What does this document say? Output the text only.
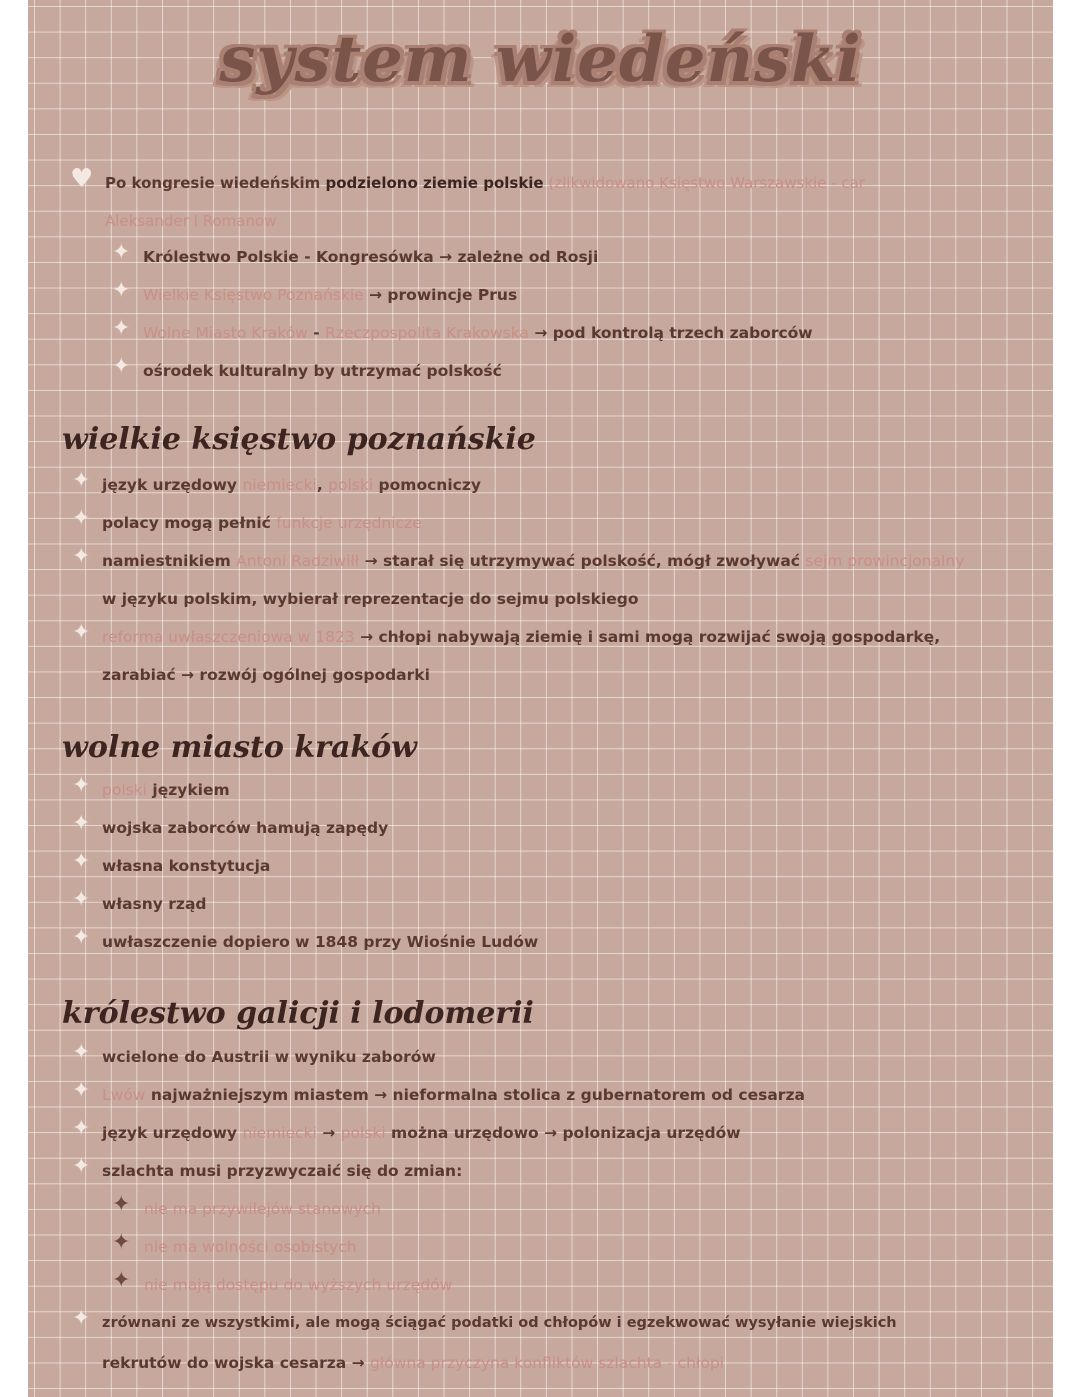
system wiedeński
♥ Po kongresie wiedeńskim podzielono ziemie polskie (zlikwidowano Księstwo Warszawskie - car
Aleksander I Romanow
✦ Królestwo Polskie - Kongresówka → zależne od Rosji
✦ Wielkie Księstwo Poznańskie → prowincje Prus
✦ Wolne Miasto Kraków - Rzeczpospolita Krakowska → pod kontrolą trzech zaborców
✦ ośrodek kulturalny by utrzymać polskość
wielkie księstwo poznańskie
✦ język urzędowy niemiecki, polski pomocniczy
✦ polacy mogą pełnić funkcje urzędnicze
✦ namiestnikiem Antoni Radziwiłł → starał się utrzymywać polskość, mógł zwoływać sejm prowincjonalny
w języku polskim, wybierał reprezentacje do sejmu polskiego
✦ reforma uwłaszczeniowa w 1823 → chłopi nabywają ziemię i sami mogą rozwijać swoją gospodarkę,
zarabiać → rozwój ogólnej gospodarki
wolne miasto kraków
✦ polski językiem
✦ wojska zaborców hamują zapędy
✦ własna konstytucja
✦ własny rząd
✦ uwłaszczenie dopiero w 1848 przy Wiośnie Ludów
królestwo galicji i lodomerii
✦ wcielone do Austrii w wyniku zaborów
✦ Lwów najważniejszym miastem → nieformalna stolica z gubernatorem od cesarza
✦ język urzędowy niemiecki → polski można urzędowo → polonizacja urzędów
✦ szlachta musi przyzwyczaić się do zmian:
✦ nie ma przywilejów stanowych
✦ nie ma wolności osobistych
✦ nie mają dostępu do wyższych urzędów
✦ zrównani ze wszystkimi, ale mogą ściągać podatki od chłopów i egzekwować wysyłanie wiejskich
rekrutów do wojska cesarza → główna przyczyna konfliktów szlachta - chłopi
